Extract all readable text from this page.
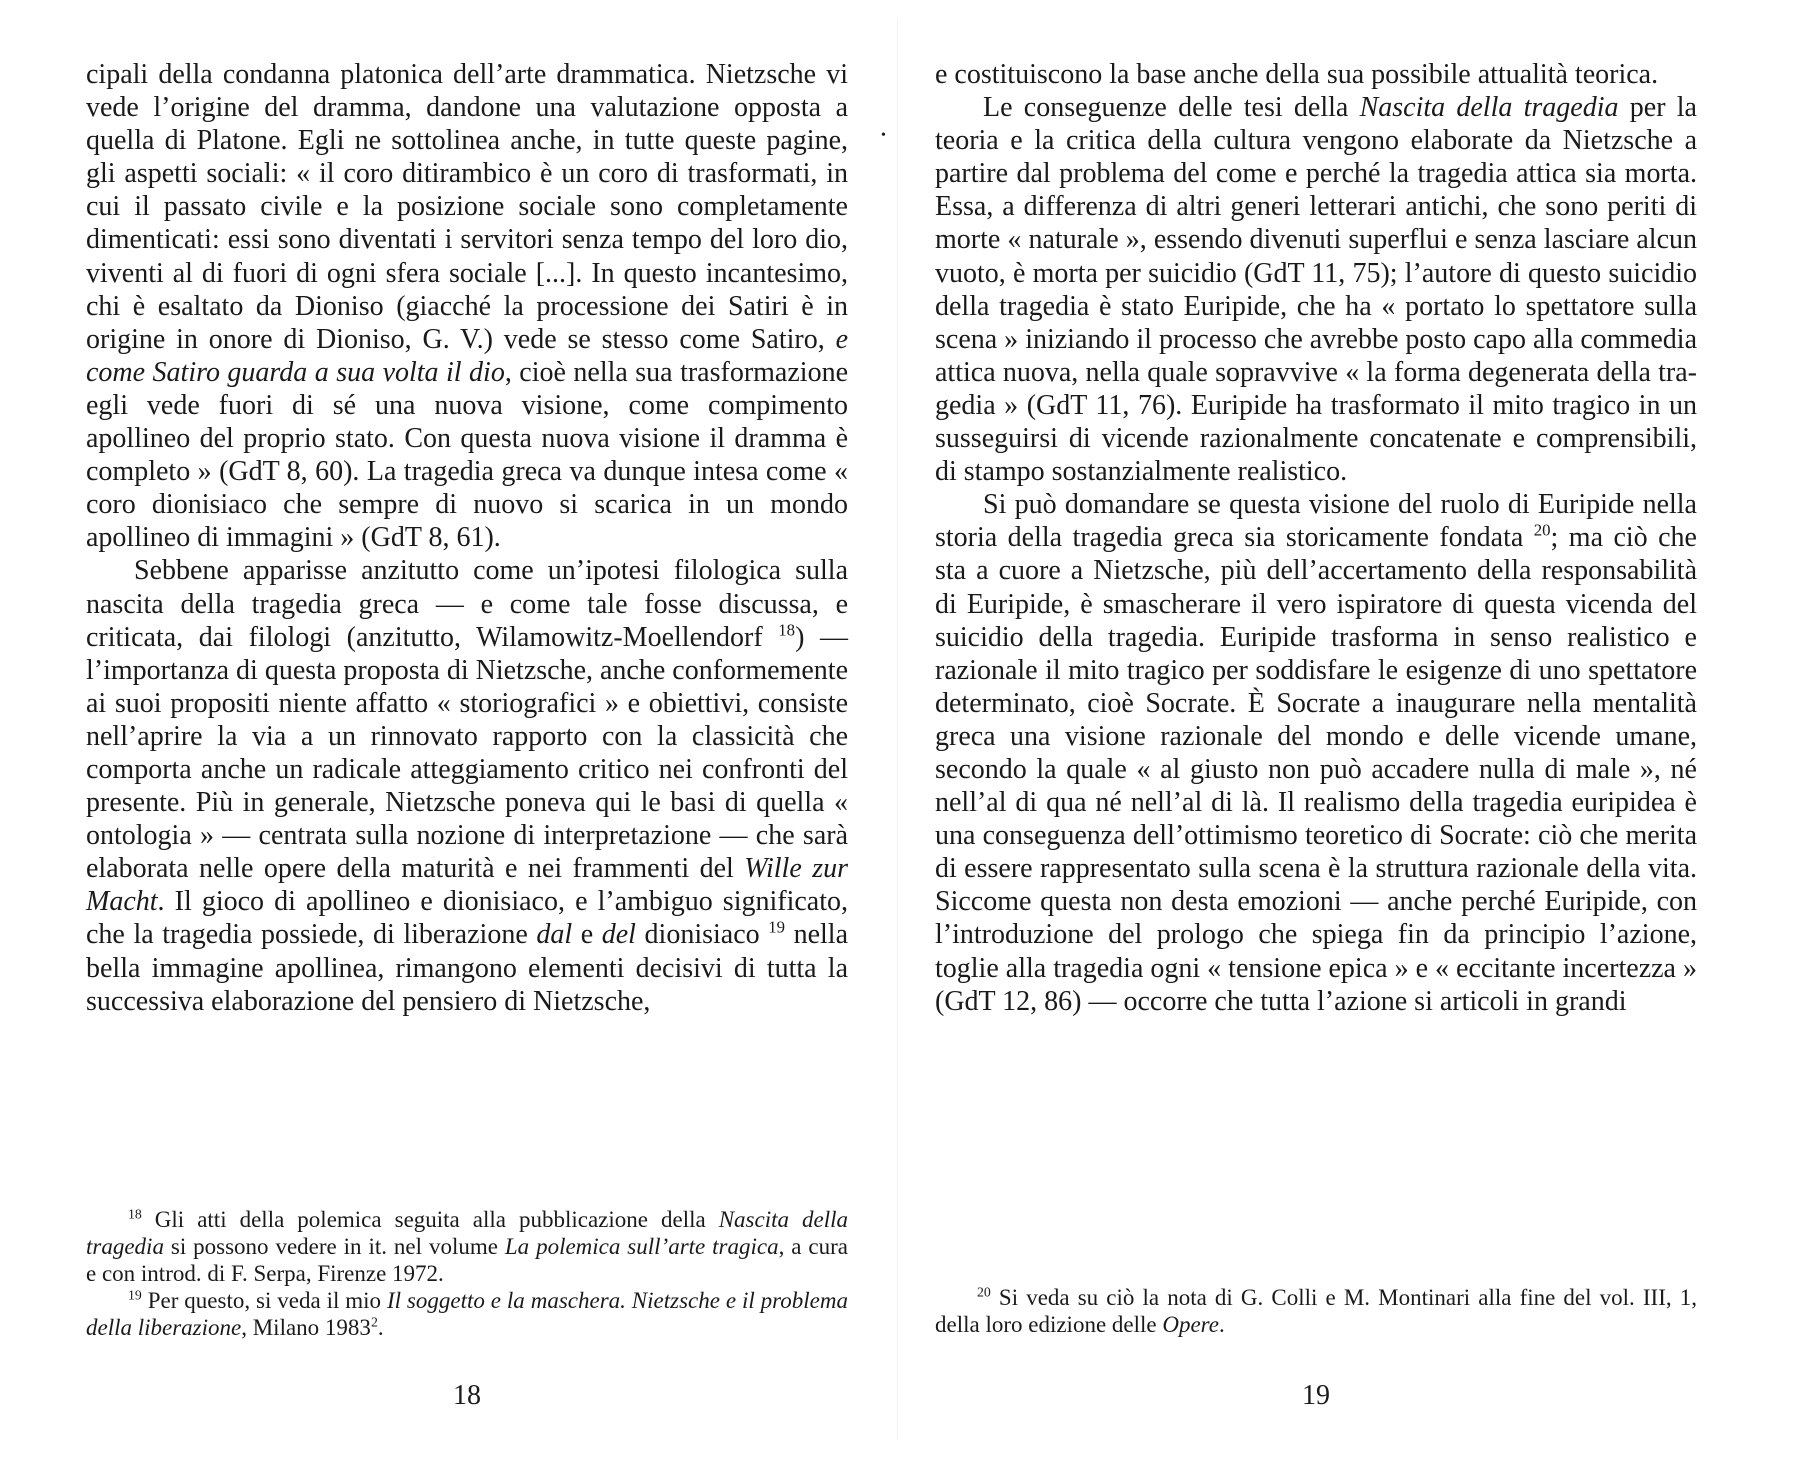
•

cipali della condanna platonica dell’arte drammatica. Nietzsche vi vede l’origine del dramma, dandone una valutazione opposta a quella di Platone. Egli ne sottolinea anche, in tutte queste pagine, gli aspetti sociali: « il coro ditirambico è un coro di trasformati, in cui il passato civile e la posizione sociale sono completamente dimenticati: essi sono diventati i servitori senza tempo del loro dio, viventi al di fuori di ogni sfera sociale [...]. In questo incantesimo, chi è esaltato da Dioniso (giacché la processione dei Satiri è in origine in onore di Dioniso, G. V.) vede se stesso come Satiro, e come Satiro guarda a sua volta il dio, cioè nella sua trasformazione egli vede fuori di sé una nuova visione, come compimento apollineo del proprio stato. Con questa nuova visione il dramma è completo » (GdT 8, 60). La tragedia greca va dunque intesa come « coro dionisiaco che sempre di nuovo si scarica in un mondo apollineo di immagini » (GdT 8, 61).

Sebbene apparisse anzitutto come un’ipotesi filologica sulla nascita della tragedia greca — e come tale fosse discussa, e criticata, dai filologi (anzitutto, Wilamowitz-Moellendorf $^{18}$) — l’importanza di questa proposta di Nietzsche, anche conformemente ai suoi propositi niente affatto « storiografici » e obiettivi, consiste nell’aprire la via a un rinnovato rapporto con la classicità che comporta anche un radicale atteggiamento critico nei confronti del presente. Più in generale, Nietzsche poneva qui le basi di quella « ontologia » — centrata sulla nozione di interpretazione — che sarà elaborata nelle opere della maturità e nei frammenti del Wille zur Macht. Il gioco di apollineo e dionisiaco, e l’ambiguo significato, che la tragedia possiede, di liberazione dal e del dionisiaco $^{19}$ nella bella immagine apollinea, rimangono elementi decisivi di tutta la successiva elaborazione del pensiero di Nietzsche,

$^{18}$ Gli atti della polemica seguita alla pubblicazione della Nascita della tragedia si possono vedere in it. nel volume La polemica sull’arte tragica, a cura e con introd. di F. Serpa, Firenze 1972.

$^{19}$ Per questo, si veda il mio Il soggetto e la maschera. Nietzsche e il problema della liberazione, Milano 1983$^2$.

18

e costituiscono la base anche della sua possibile attualità teorica.

Le conseguenze delle tesi della Nascita della tragedia per la teoria e la critica della cultura vengono elaborate da Nietzsche a partire dal problema del come e perché la tragedia attica sia morta. Essa, a differenza di altri generi letterari antichi, che sono periti di morte « naturale », essendo divenuti superflui e senza lasciare alcun vuoto, è morta per suicidio (GdT 11, 75); l’autore di questo suicidio della tragedia è stato Euripide, che ha « portato lo spettatore sulla scena » iniziando il processo che avrebbe posto capo alla commedia attica nuova, nella quale sopravvive « la forma degenerata della tragedia » (GdT 11, 76). Euripide ha trasformato il mito tragico in un susseguirsi di vicende razionalmente concatenate e comprensibili, di stampo sostanzialmente realistico.

Si può domandare se questa visione del ruolo di Euripide nella storia della tragedia greca sia storicamente fondata $^{20}$; ma ciò che sta a cuore a Nietzsche, più dell’accertamento della responsabilità di Euripide, è smascherare il vero ispiratore di questa vicenda del suicidio della tragedia. Euripide trasforma in senso realistico e razionale il mito tragico per soddisfare le esigenze di uno spettatore determinato, cioè Socrate. È Socrate a inaugurare nella mentalità greca una visione razionale del mondo e delle vicende umane, secondo la quale « al giusto non può accadere nulla di male », né nell’al di qua né nell’al di là. Il realismo della tragedia euripidea è una conseguenza dell’ottimismo teoretico di Socrate: ciò che merita di essere rappresentato sulla scena è la struttura razionale della vita. Siccome questa non desta emozioni — anche perché Euripide, con l’introduzione del prologo che spiega fin da principio l’azione, toglie alla tragedia ogni « tensione epica » e « eccitante incertezza » (GdT 12, 86) — occorre che tutta l’azione si articoli in grandi

$^{20}$ Si veda su ciò la nota di G. Colli e M. Montinari alla fine del vol. III, 1, della loro edizione delle Opere.

19
